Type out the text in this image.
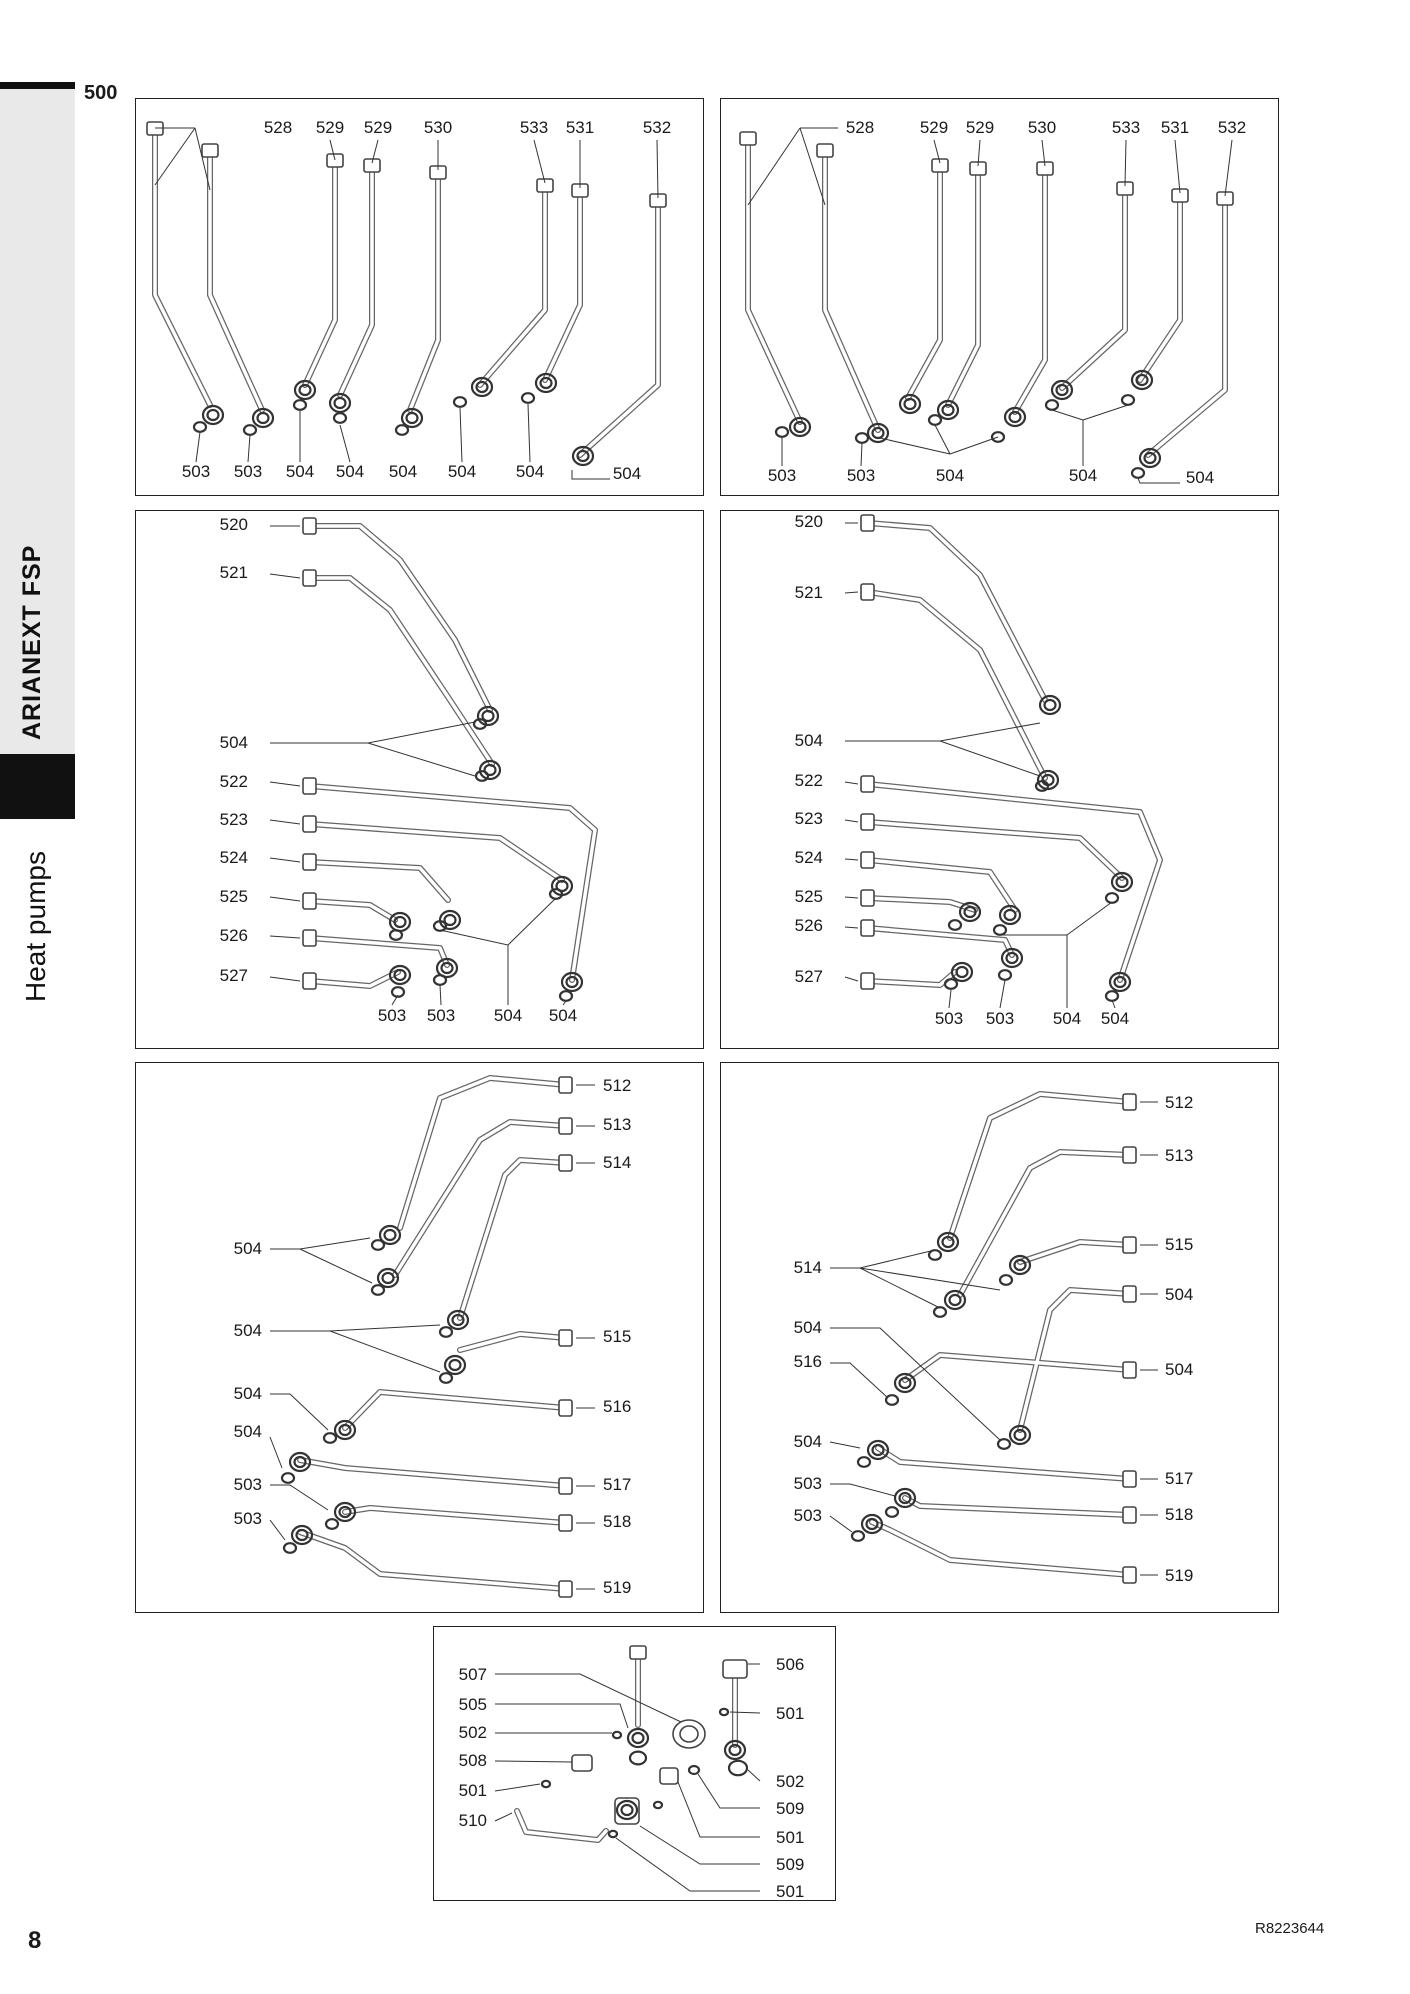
ARIANEXT FSP
Heat pumps
500
528 529 529 530	533 531	532
503 503 504 504 504 504 504	504
528	529 529 530	533 531 532
503	503	504	504	504
520
521
504
522
523
524
525
526
527
503 503 504 504
520
521
504
522
523
524
525
526
527
503 503 504 504
512
513
514
504
504	515
504
516
504
517
503
518
503
519
512
513
515
514
504
504
516	504
504
517
503
518
503
519
507
505
502
508
501
510
506
501
502
509
501
509
501
8	R8223644
